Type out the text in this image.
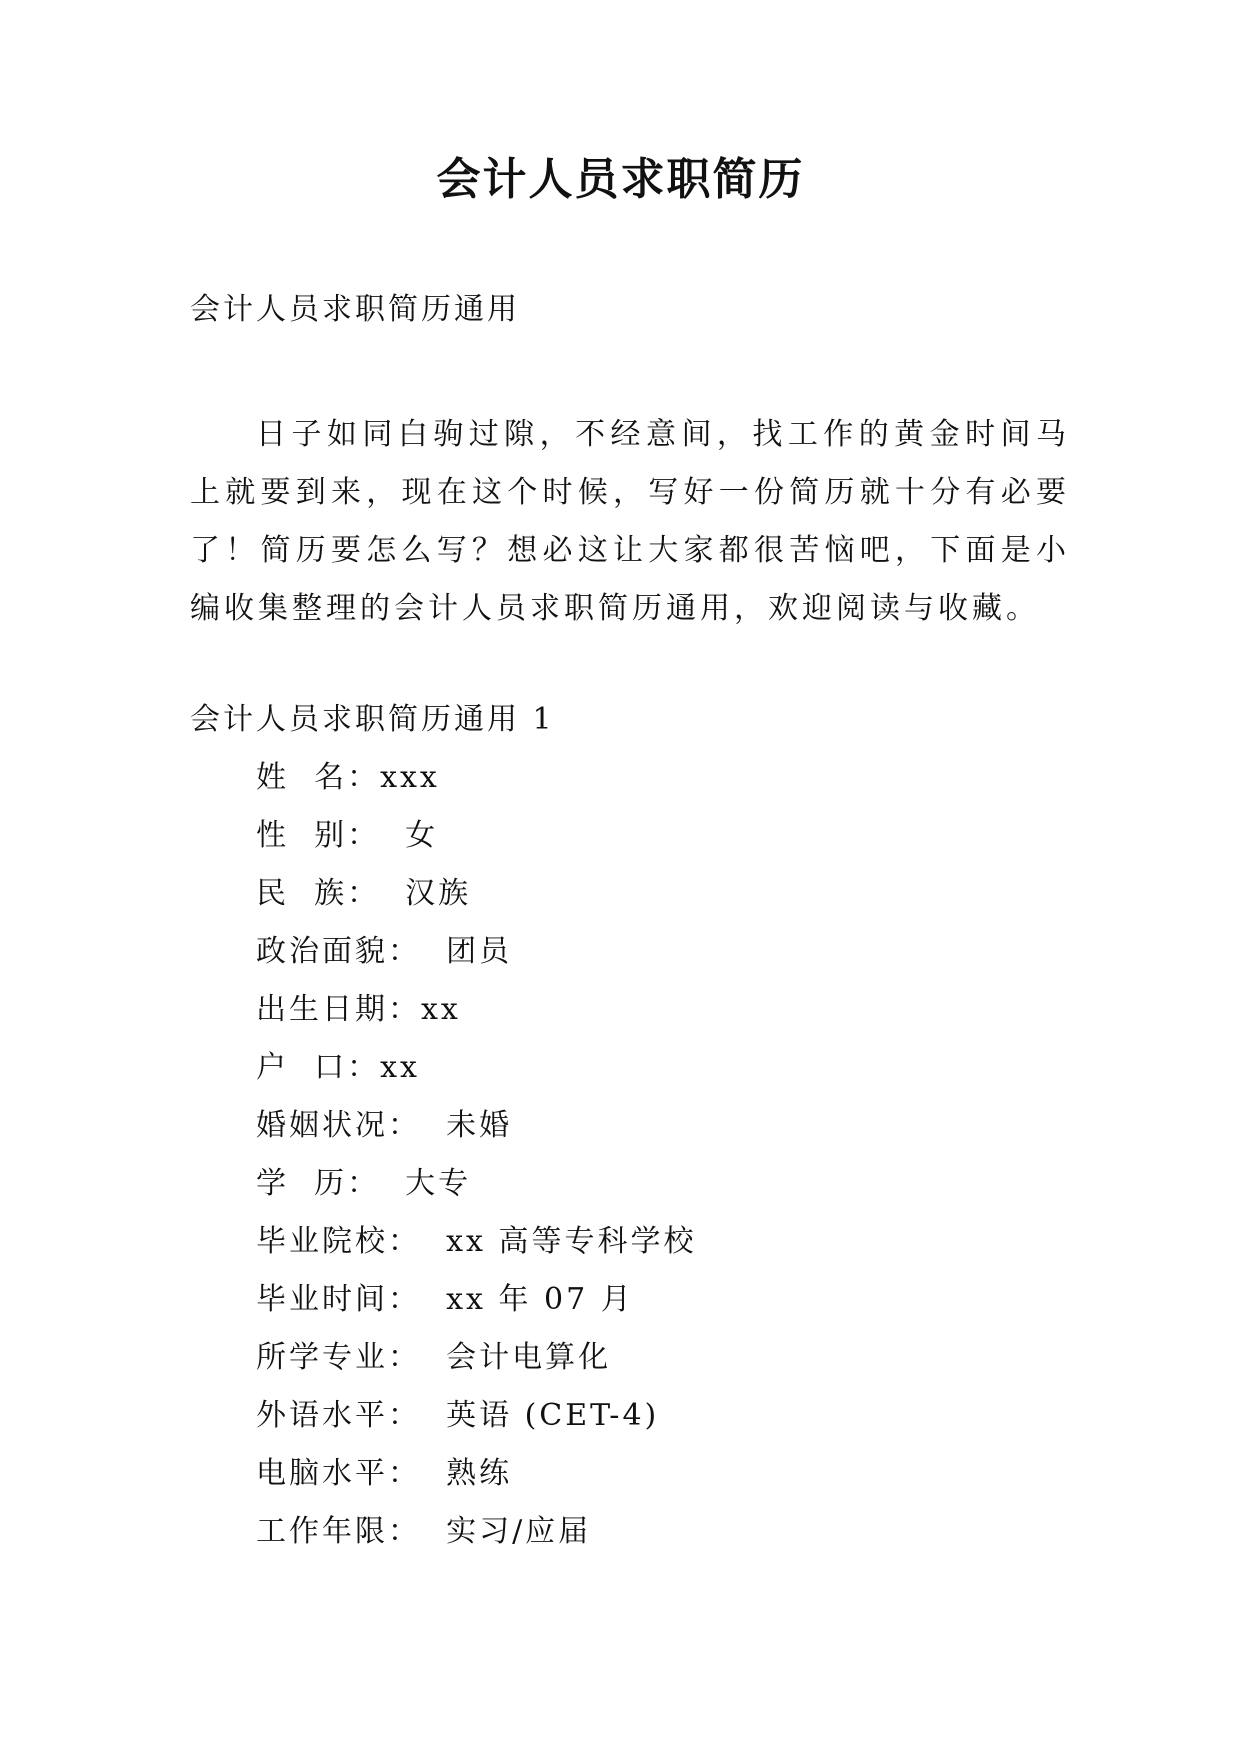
会计人员求职简历
会计人员求职简历通用
日子如同白驹过隙，不经意间，找工作的黄金时间马上就要到来，现在这个时候，写好一份简历就十分有必要了！简历要怎么写？想必这让大家都很苦恼吧，下面是小编收集整理的会计人员求职简历通用，欢迎阅读与收藏。
会计人员求职简历通用 1
姓  名：xxx
性  别：  女
民  族：  汉族
政治面貌：  团员
出生日期：xx
户  口：xx
婚姻状况：  未婚
学  历：  大专
毕业院校：  xx 高等专科学校
毕业时间：  xx 年 07 月
所学专业：  会计电算化
外语水平：  英语 (CET-4)
电脑水平：  熟练
工作年限：  实习/应届
